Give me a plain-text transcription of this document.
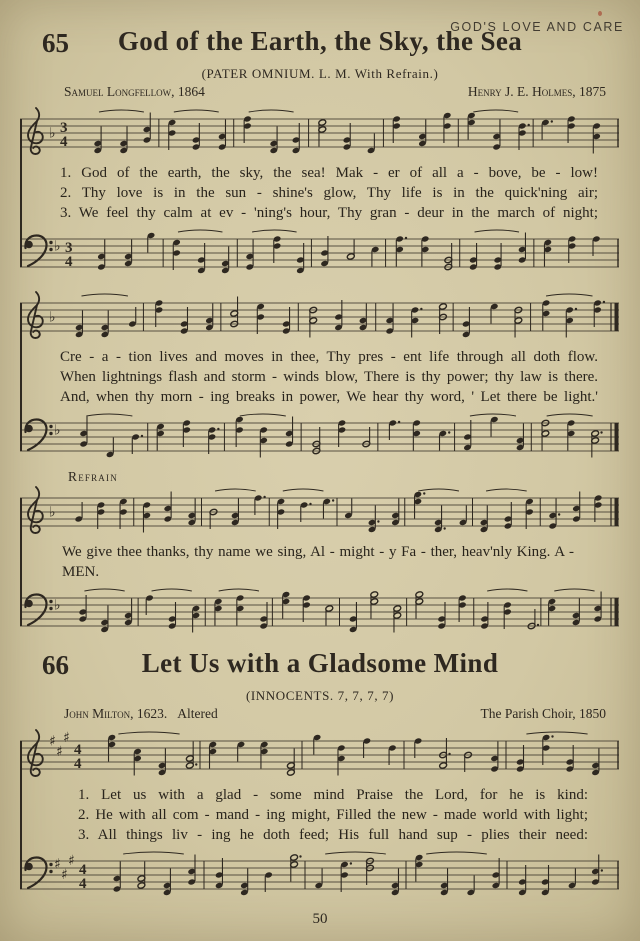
GOD'S LOVE AND CARE
65	God of the Earth, the Sky, the Sea
(PATER OMNIUM. L. M. With Refrain.)
Samuel Longfellow, 1864	Henry J. E. Holmes, 1875
♭ 3
4
1. God of the earth, the sky, the sea! Mak - er of all a - bove, be - low!
2. Thy love is in the sun - shine's glow, Thy life is in the quick'ning air;
3. We feel thy calm at ev - 'ning's hour, Thy gran - deur in the march of night;
♭ 3
4
♭
Cre - a - tion lives and moves in thee, Thy pres - ent life through all doth flow.
When lightnings flash and storm - winds blow, There is thy power; thy law is there.
And, when thy morn - ing breaks in power, We hear thy word, ' Let there be light.'
♭
Refrain
♭
We give thee thanks, thy name we sing, Al - might - y Fa - ther, heav'nly King. A - MEN.
♭
66	Let Us with a Gladsome Mind
(INNOCENTS. 7, 7, 7, 7)
John Milton, 1623. Altered	The Parish Choir, 1850
♯
♯
♯
4
4
1. Let us with a glad - some mind Praise the Lord, for he is kind:
2. He with all com - mand - ing might, Filled the new - made world with light;
3. All things liv - ing he doth feed; His full hand sup - plies their need:
♯
♯
♯
4
4
50
